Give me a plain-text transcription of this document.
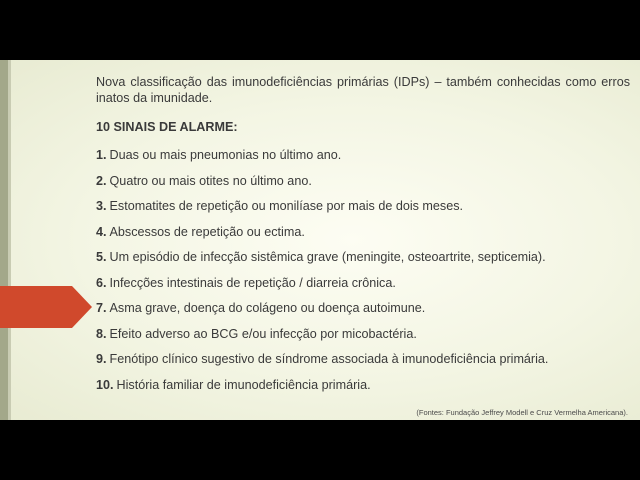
Nova classificação das imunodeficiências primárias (IDPs) – também conhecidas como erros inatos da imunidade.

10 SINAIS DE ALARME:
1. Duas ou mais pneumonias no último ano.
2. Quatro ou mais otites no último ano.
3. Estomatites de repetição ou monilíase por mais de dois meses.
4. Abscessos de repetição ou ectima.
5. Um episódio de infecção sistêmica grave (meningite, osteoartrite, septicemia).
6. Infecções intestinais de repetição / diarreia crônica.
7. Asma grave, doença do colágeno ou doença autoimune.
8. Efeito adverso ao BCG e/ou infecção por micobactéria.
9. Fenótipo clínico sugestivo de síndrome associada à imunodeficiência primária.
10. História familiar de imunodeficiência primária.
(Fontes: Fundação Jeffrey Modell e Cruz Vermelha Americana).
